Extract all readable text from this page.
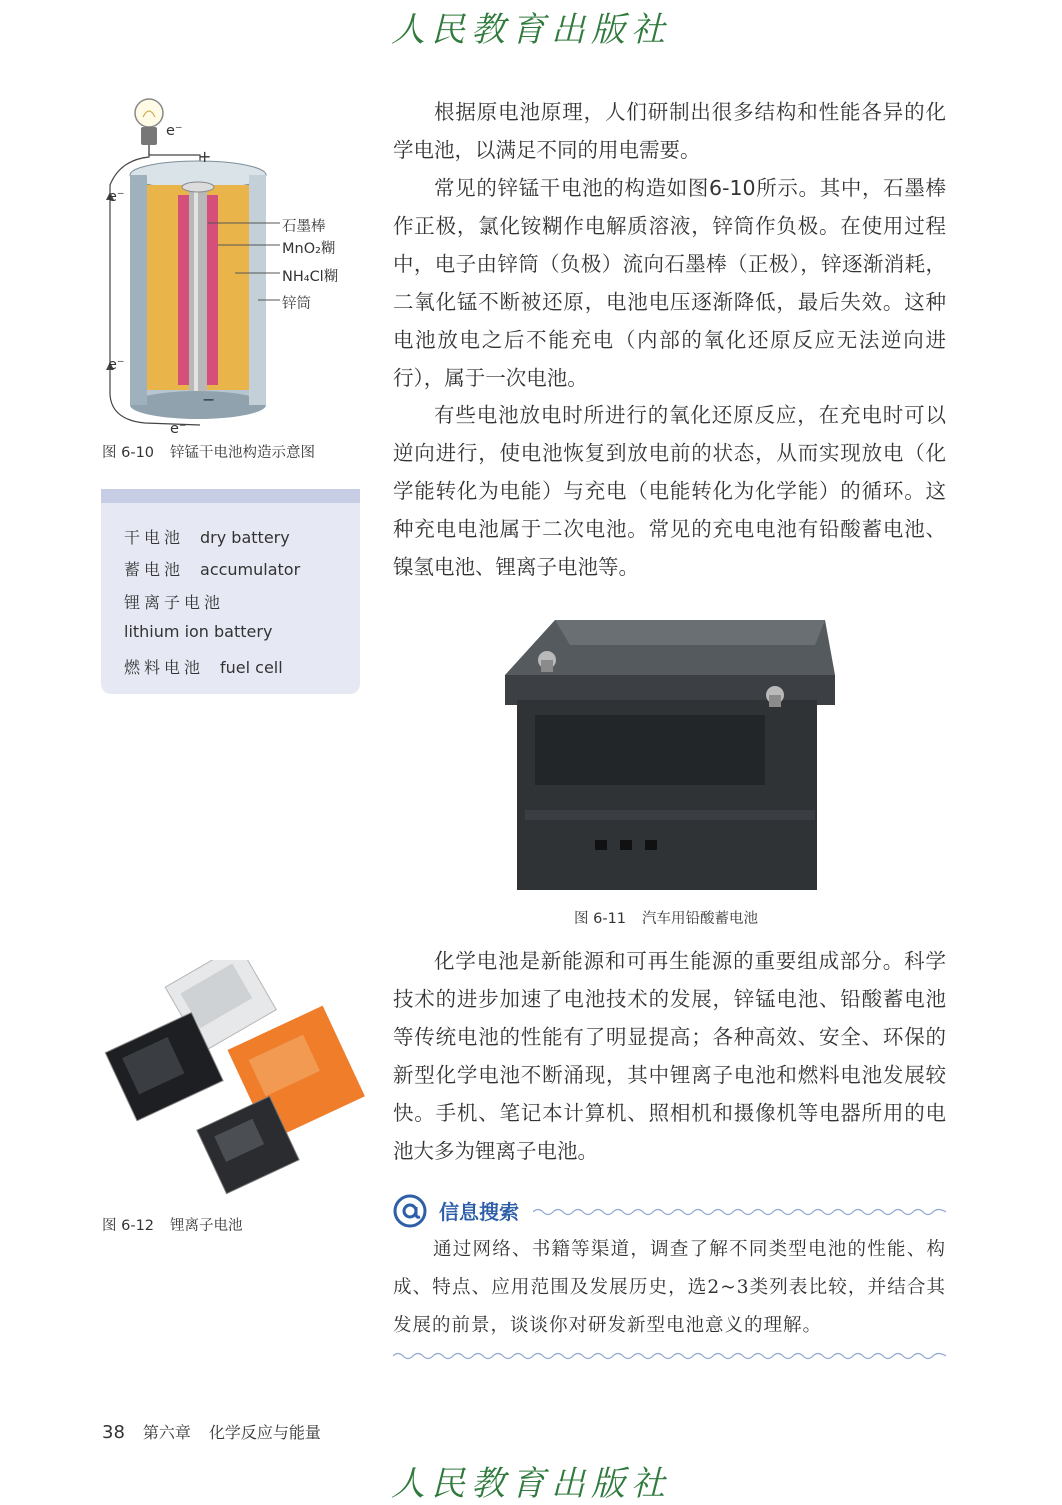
人民教育出版社
e⁻
+
e⁻
e⁻
−
e⁻
石墨棒
MnO₂糊
NH₄Cl糊
锌筒
图 6-10 锌锰干电池构造示意图
干电池 dry battery
蓄电池 accumulator
锂离子电池
lithium ion battery
燃料电池 fuel cell

根据原电池原理，人们研制出很多结构和性能各异的化学电池，以满足不同的用电需要。

常见的锌锰干电池的构造如图6-10所示。其中，石墨棒作正极，氯化铵糊作电解质溶液，锌筒作负极。在使用过程中，电子由锌筒（负极）流向石墨棒（正极），锌逐渐消耗，二氧化锰不断被还原，电池电压逐渐降低，最后失效。这种电池放电之后不能充电（内部的氧化还原反应无法逆向进行），属于一次电池。

有些电池放电时所进行的氧化还原反应，在充电时可以逆向进行，使电池恢复到放电前的状态，从而实现放电（化学能转化为电能）与充电（电能转化为化学能）的循环。这种充电电池属于二次电池。常见的充电电池有铅酸蓄电池、镍氢电池、锂离子电池等。

图 6-11 汽车用铅酸蓄电池

化学电池是新能源和可再生能源的重要组成部分。科学技术的进步加速了电池技术的发展，锌锰电池、铅酸蓄电池等传统电池的性能有了明显提高；各种高效、安全、环保的新型化学电池不断涌现，其中锂离子电池和燃料电池发展较快。手机、笔记本计算机、照相机和摄像机等电器所用的电池大多为锂离子电池。

图 6-12 锂离子电池
信息搜索

通过网络、书籍等渠道，调查了解不同类型电池的性能、构成、特点、应用范围及发展历史，选2~3类列表比较，并结合其发展的前景，谈谈你对研发新型电池意义的理解。

38 第六章 化学反应与能量
人民教育出版社
